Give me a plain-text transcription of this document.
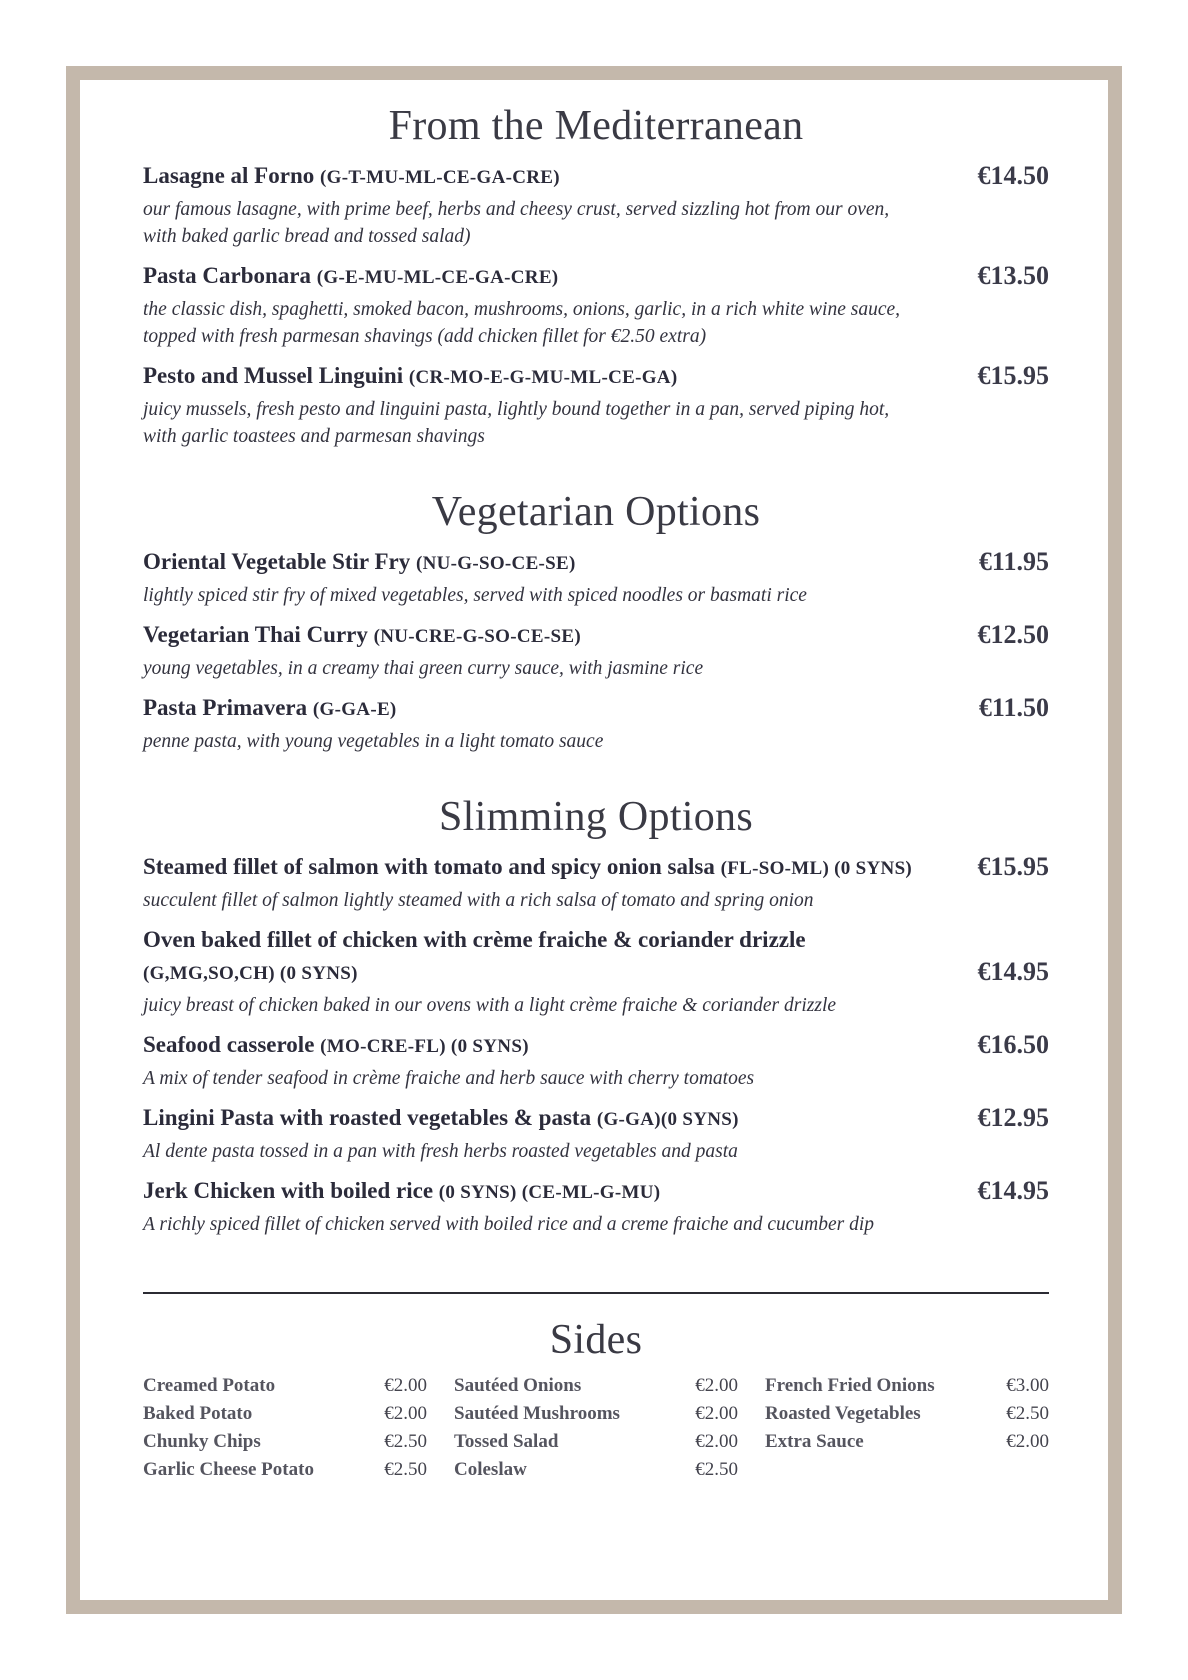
From the Mediterranean

Lasagne al Forno (G-T-MU-ML-CE-GA-CRE)	€14.50

our famous lasagne, with prime beef, herbs and cheesy crust, served sizzling hot from our oven, with baked garlic bread and tossed salad)

Pasta Carbonara (G-E-MU-ML-CE-GA-CRE)	€13.50

the classic dish, spaghetti, smoked bacon, mushrooms, onions, garlic, in a rich white wine sauce, topped with fresh parmesan shavings (add chicken fillet for €2.50 extra)

Pesto and Mussel Linguini (CR-MO-E-G-MU-ML-CE-GA)	€15.95

juicy mussels, fresh pesto and linguini pasta, lightly bound together in a pan, served piping hot, with garlic toastees and parmesan shavings

Vegetarian Options

Oriental Vegetable Stir Fry (NU-G-SO-CE-SE)	€11.95

lightly spiced stir fry of mixed vegetables, served with spiced noodles or basmati rice

Vegetarian Thai Curry (NU-CRE-G-SO-CE-SE)	€12.50

young vegetables, in a creamy thai green curry sauce, with jasmine rice

Pasta Primavera (G-GA-E)	€11.50

penne pasta, with young vegetables in a light tomato sauce

Slimming Options

Steamed fillet of salmon with tomato and spicy onion salsa (FL-SO-ML) (0 SYNS)	€15.95

succulent fillet of salmon lightly steamed with a rich salsa of tomato and spring onion

Oven baked fillet of chicken with crème fraiche & coriander drizzle (G,MG,SO,CH) (0 SYNS)	€14.95

juicy breast of chicken baked in our ovens with a light crème fraiche & coriander drizzle

Seafood casserole (MO-CRE-FL) (0 SYNS)	€16.50

A mix of tender seafood in crème fraiche and herb sauce with cherry tomatoes

Lingini Pasta with roasted vegetables & pasta (G-GA)(0 SYNS)	€12.95

Al dente pasta tossed in a pan with fresh herbs roasted vegetables and pasta

Jerk Chicken with boiled rice (0 SYNS) (CE-ML-G-MU)	€14.95

A richly spiced fillet of chicken served with boiled rice and a creme fraiche and cucumber dip

Sides
Creamed Potato	€2.00
Baked Potato	€2.00
Chunky Chips	€2.50
Garlic Cheese Potato	€2.50
Sautéed Onions	€2.00
Sautéed Mushrooms	€2.00
Tossed Salad	€2.00
Coleslaw	€2.50
French Fried Onions	€3.00
Roasted Vegetables	€2.50
Extra Sauce	€2.00
